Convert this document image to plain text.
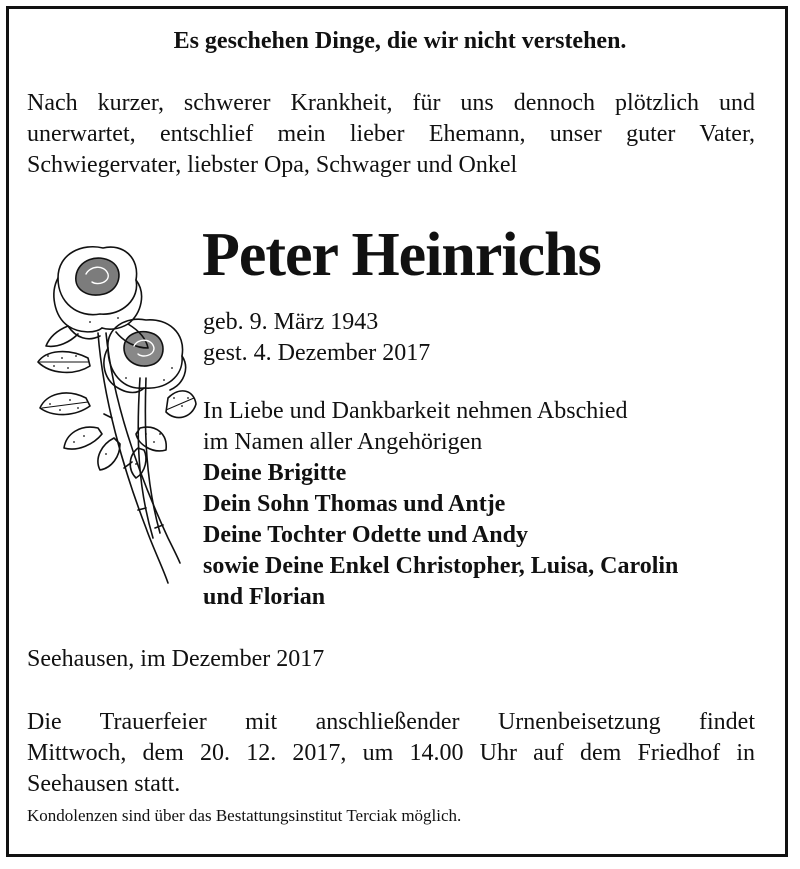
Es geschehen Dinge, die wir nicht verstehen.
Nach kurzer, schwerer Krankheit, für uns dennoch plötzlich und
unerwartet, entschlief mein lieber Ehemann, unser guter Vater,
Schwiegervater, liebster Opa, Schwager und Onkel
Peter Heinrichs
geb. 9. März 1943
gest. 4. Dezember 2017
In Liebe und Dankbarkeit nehmen Abschied
im Namen aller Angehörigen
Deine Brigitte
Dein Sohn Thomas und Antje
Deine Tochter Odette und Andy
sowie Deine Enkel Christopher, Luisa, Carolin
und Florian
Seehausen, im Dezember 2017
Die Trauerfeier mit anschließender Urnenbeisetzung findet
Mittwoch, dem 20. 12. 2017, um 14.00 Uhr auf dem Friedhof in
Seehausen statt.
Kondolenzen sind über das Bestattungsinstitut Terciak möglich.
